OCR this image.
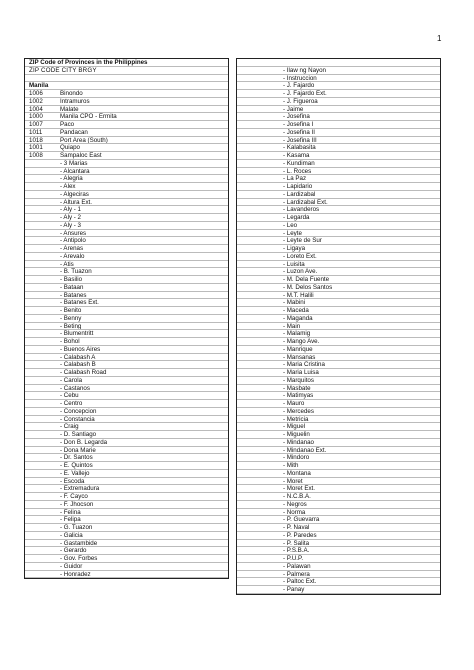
1
ZIP Code of Provinces in the Philippines
ZIP CODE CITY BRGY
Manila
1006	Binondo
1002	Intramuros
1004	Malate
1000	Manila CPO - Ermita
1007	Paco
1011	Pandacan
1018	Port Area (South)
1001	Quiapo
1008	Sampaloc East
- 3 Marias
- Alcantara
- Alegria
- Alex
- Algeciras
- Altura Ext.
- Aly - 1
- Aly - 2
- Aly - 3
- Ansures
- Antipolo
- Arenas
- Arevalo
- Atis
- B. Tuazon
- Basilio
- Bataan
- Batanes
- Batanes Ext.
- Benito
- Benny
- Beting
- Blumentritt
- Bohol
- Buenos Aires
- Calabash A
- Calabash B
- Calabash Road
- Carola
- Castanos
- Cebu
- Centro
- Concepcion
- Constancia
- Craig
- D. Santiago
- Don B. Legarda
- Dona Marie
- Dr. Santos
- E. Quintos
- E. Vallejo
- Escoda
- Extremadura
- F. Cayco
- F. Jhocson
- Felina
- Felipa
- G. Tuazon
- Galicia
- Gastambide
- Gerardo
- Gov. Forbes
- Guidor
- Honradez
- Ilaw ng Nayon
- Instruccion
- J. Fajardo
- J. Fajardo Ext.
- J. Figueroa
- Jaime
- Josefina
- Josefina I
- Josefina II
- Josefina III
- Kalabasita
- Kasama
- Kundiman
- L. Roces
- La Paz
- Lapidario
- Lardizabal
- Lardizabal Ext.
- Lavanderos
- Legarda
- Leo
- Leyte
- Leyte de Sur
- Ligaya
- Loreto Ext.
- Luisita
- Luzon Ave.
- M. Dela Fuente
- M. Delos Santos
- M.T. Halili
- Mabini
- Maceda
- Maganda
- Main
- Malamig
- Mango Ave.
- Manrique
- Mansanas
- Maria Cristina
- Maria Luisa
- Marquitos
- Masbate
- Matimyas
- Mauro
- Mercedes
- Metricia
- Miguel
- Miguelin
- Mindanao
- Mindanao Ext.
- Mindoro
- Mith
- Montana
- Moret
- Moret Ext.
- N.C.B.A.
- Negros
- Norma
- P. Guevarra
- P. Naval
- P. Paredes
- P. Salita
- P.S.B.A.
- P.U.P.
- Palawan
- Palmera
- Paltoc Ext.
- Panay
